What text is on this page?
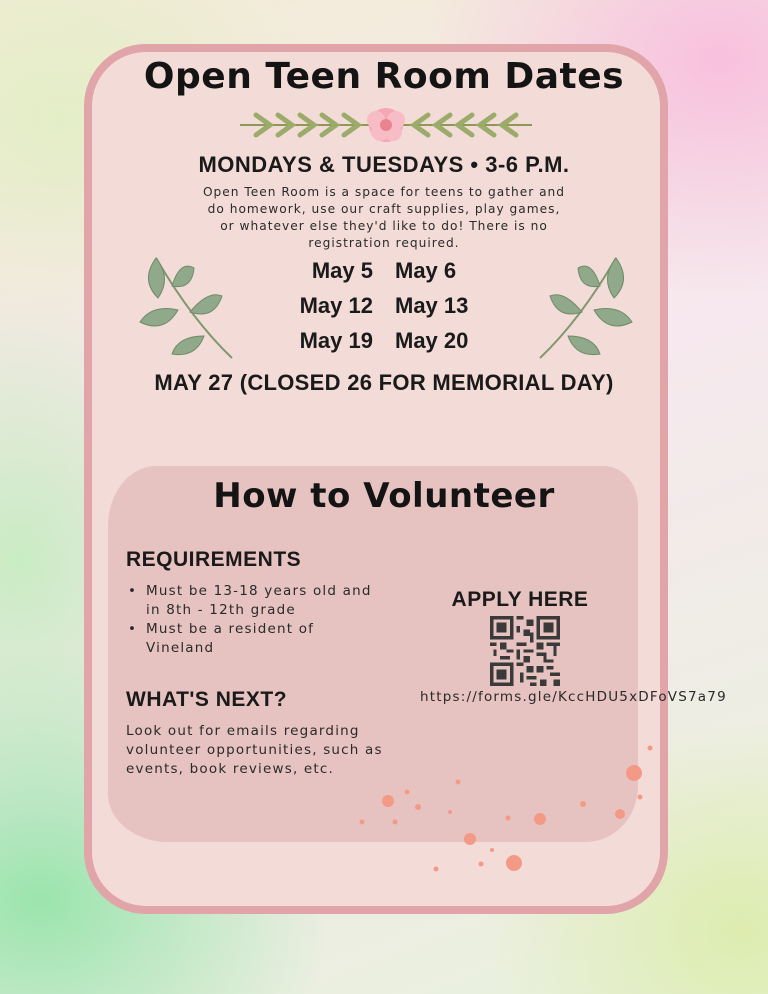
Open Teen Room Dates
MONDAYS & TUESDAYS • 3-6 P.M.
Open Teen Room is a space for teens to gather and do homework, use our craft supplies, play games, or whatever else they'd like to do! There is no registration required.
May 5 May 6
May 12 May 13
May 19 May 20
MAY 27 (CLOSED 26 FOR MEMORIAL DAY)
How to Volunteer
REQUIREMENTS
• Must be 13-18 years old and in 8th - 12th grade
• Must be a resident of Vineland
WHAT'S NEXT?
Look out for emails regarding volunteer opportunities, such as events, book reviews, etc.
APPLY HERE
https://forms.gle/KccHDU5xDFoVS7a79
